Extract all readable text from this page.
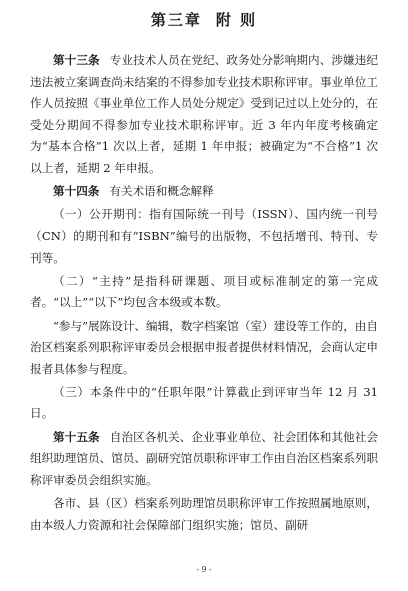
第三章 附 则

第十三条 专业技术人员在党纪、政务处分影响期内、涉嫌违纪违法被立案调查尚未结案的不得参加专业技术职称评审。事业单位工作人员按照《事业单位工作人员处分规定》受到记过以上处分的，在受处分期间不得参加专业技术职称评审。近 3 年内年度考核确定为“基本合格”1 次以上者，延期 1 年申报；被确定为“不合格”1 次以上者，延期 2 年申报。

第十四条 有关术语和概念解释

（一）公开期刊：指有国际统一刊号（ISSN）、国内统一刊号（CN）的期刊和有“ISBN”编号的出版物，不包括增刊、特刊、专刊等。

（二）“主持”是指科研课题、项目或标准制定的第一完成者。“以上”“以下”均包含本级或本数。

“参与”展陈设计、编辑，数字档案馆（室）建设等工作的，由自治区档案系列职称评审委员会根据申报者提供材料情况，会商认定申报者具体参与程度。

（三）本条件中的“任职年限”计算截止到评审当年 12 月 31 日。

第十五条 自治区各机关、企业事业单位、社会团体和其他社会组织助理馆员、馆员、副研究馆员职称评审工作由自治区档案系列职称评审委员会组织实施。

各市、县（区）档案系列助理馆员职称评审工作按照属地原则，由本级人力资源和社会保障部门组织实施；馆员、副研

- 9 -
